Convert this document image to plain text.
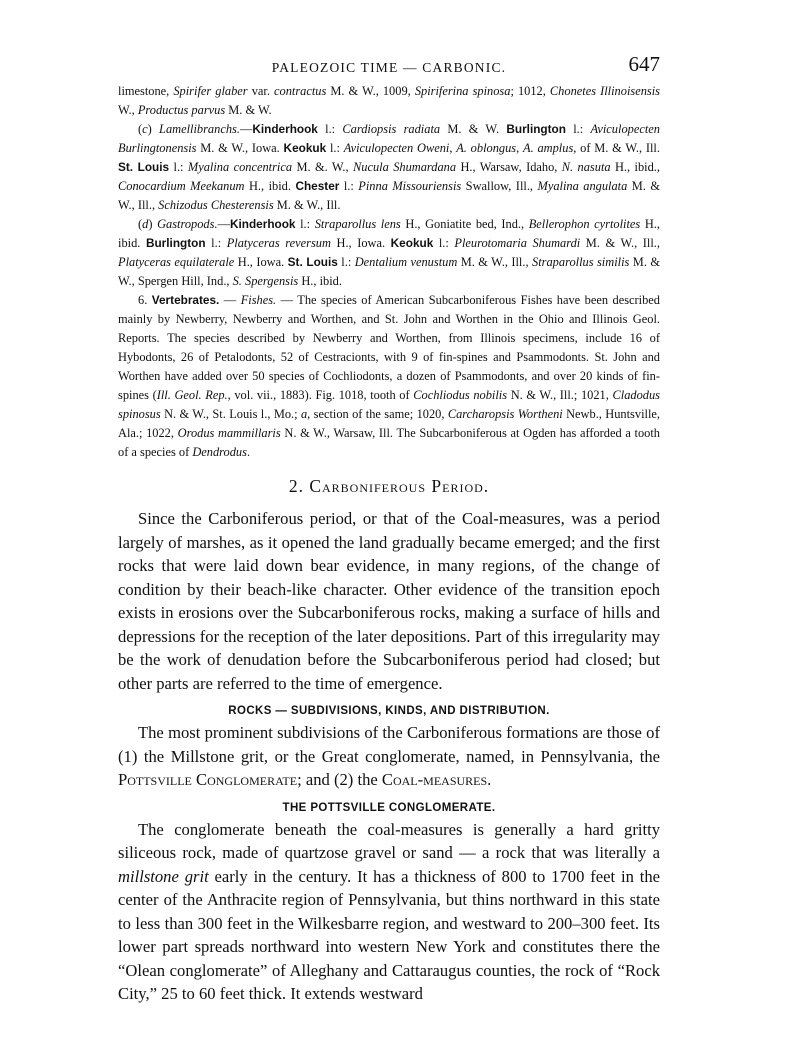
PALEOZOIC TIME — CARBONIC.	647

limestone, Spirifer glaber var. contractus M. & W., 1009, Spiriferina spinosa; 1012, Chonetes Illinoisensis W., Productus parvus M. & W.

(c) Lamellibranchs.—Kinderhook l.: Cardiopsis radiata M. & W. Burlington l.: Aviculopecten Burlingtonensis M. & W., Iowa. Keokuk l.: Aviculopecten Oweni, A. oblongus, A. amplus, of M. & W., Ill. St. Louis l.: Myalina concentrica M. &. W., Nucula Shumardana H., Warsaw, Idaho, N. nasuta H., ibid., Conocardium Meekanum H., ibid. Chester l.: Pinna Missouriensis Swallow, Ill., Myalina angulata M. & W., Ill., Schizodus Chesterensis M. & W., Ill.

(d) Gastropods.—Kinderhook l.: Straparollus lens H., Goniatite bed, Ind., Bellerophon cyrtolites H., ibid. Burlington l.: Platyceras reversum H., Iowa. Keokuk l.: Pleurotomaria Shumardi M. & W., Ill., Platyceras equilaterale H., Iowa. St. Louis l.: Dentalium venustum M. & W., Ill., Straparollus similis M. & W., Spergen Hill, Ind., S. Spergensis H., ibid.

6. Vertebrates. — Fishes. — The species of American Subcarboniferous Fishes have been described mainly by Newberry, Newberry and Worthen, and St. John and Worthen in the Ohio and Illinois Geol. Reports. The species described by Newberry and Worthen, from Illinois specimens, include 16 of Hybodonts, 26 of Petalodonts, 52 of Cestracionts, with 9 of fin-spines and Psammodonts. St. John and Worthen have added over 50 species of Cochliodonts, a dozen of Psammodonts, and over 20 kinds of fin-spines (Ill. Geol. Rep., vol. vii., 1883). Fig. 1018, tooth of Cochliodus nobilis N. & W., Ill.; 1021, Cladodus spinosus N. & W., St. Louis l., Mo.; a, section of the same; 1020, Carcharopsis Wortheni Newb., Huntsville, Ala.; 1022, Orodus mammillaris N. & W., Warsaw, Ill. The Subcarboniferous at Ogden has afforded a tooth of a species of Dendrodus.

2. Carboniferous Period.

Since the Carboniferous period, or that of the Coal-measures, was a period largely of marshes, as it opened the land gradually became emerged; and the first rocks that were laid down bear evidence, in many regions, of the change of condition by their beach-like character. Other evidence of the transition epoch exists in erosions over the Subcarboniferous rocks, making a surface of hills and depressions for the reception of the later depositions. Part of this irregularity may be the work of denudation before the Subcarboniferous period had closed; but other parts are referred to the time of emergence.

ROCKS — SUBDIVISIONS, KINDS, AND DISTRIBUTION.

The most prominent subdivisions of the Carboniferous formations are those of (1) the Millstone grit, or the Great conglomerate, named, in Pennsylvania, the Pottsville Conglomerate; and (2) the Coal-measures.

THE POTTSVILLE CONGLOMERATE.

The conglomerate beneath the coal-measures is generally a hard gritty siliceous rock, made of quartzose gravel or sand — a rock that was literally a millstone grit early in the century. It has a thickness of 800 to 1700 feet in the center of the Anthracite region of Pennsylvania, but thins northward in this state to less than 300 feet in the Wilkesbarre region, and westward to 200–300 feet. Its lower part spreads northward into western New York and constitutes there the “Olean conglomerate” of Alleghany and Cattaraugus counties, the rock of “Rock City,” 25 to 60 feet thick. It extends westward
